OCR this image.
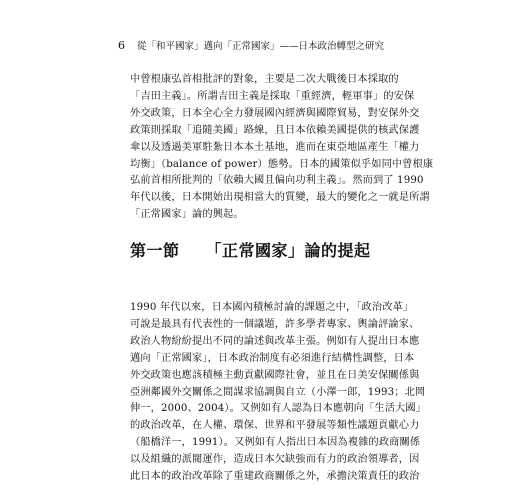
6 從「和平國家」邁向「正常國家」——日本政治轉型之研究
中曾根康弘首相批評的對象，主要是二次大戰後日本採取的
「吉田主義」。所謂吉田主義是採取「重經濟，輕軍事」的安保
外交政策，日本全心全力發展國內經濟與國際貿易，對安保外交
政策則採取「追隨美國」路線，且日本依賴美國提供的核武保護
傘以及透過美軍駐紮日本本土基地，進而在東亞地區產生「權力
均衡」（balance of power）態勢。日本的國策似乎如同中曾根康
弘前首相所批判的「依賴大國且偏向功利主義」。然而到了 1990
年代以後，日本開始出現相當大的質變，最大的變化之一就是所謂
「正常國家」論的興起。
第一節 「正常國家」論的提起
1990 年代以來，日本國內積極討論的課題之中，「政治改革」
可說是最具有代表性的一個議題，許多學者專家、輿論評論家、
政治人物紛紛提出不同的論述與改革主張。例如有人提出日本應
邁向「正常國家」，日本政治制度有必須進行結構性調整，日本
外交政策也應該積極主動貢獻國際社會，並且在日美安保關係與
亞洲鄰國外交關係之間謀求協調與自立（小澤一郎，1993；北岡
伸一，2000、2004）。又例如有人認為日本應朝向「生活大國」
的政治改革，在人權、環保、世界和平發展等類性議題貢獻心力
（船橋洋一，1991）。又例如有人指出日本因為複雜的政商關係
以及組織的派閥運作，造成日本欠缺強而有力的政治領導者，因
此日本的政治改革除了重建政商關係之外，承擔決策責任的政治
